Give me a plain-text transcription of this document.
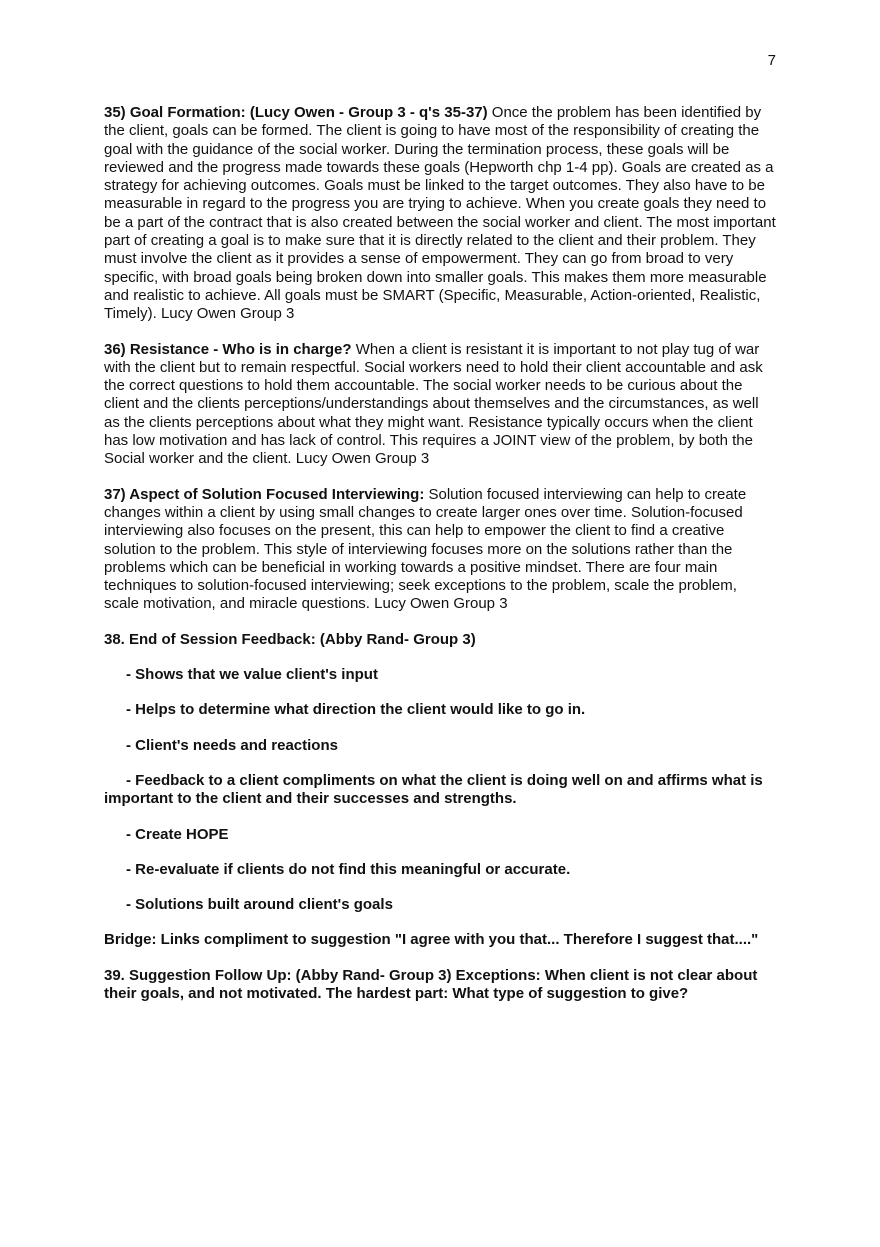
7

35) Goal Formation: (Lucy Owen - Group 3 - q's 35-37) Once the problem has been identified by the client, goals can be formed. The client is going to have most of the responsibility of creating the goal with the guidance of the social worker. During the termination process, these goals will be reviewed and the progress made towards these goals (Hepworth chp 1-4 pp). Goals are created as a strategy for achieving outcomes. Goals must be linked to the target outcomes. They also have to be measurable in regard to the progress you are trying to achieve. When you create goals they need to be a part of the contract that is also created between the social worker and client. The most important part of creating a goal is to make sure that it is directly related to the client and their problem. They must involve the client as it provides a sense of empowerment. They can go from broad to very specific, with broad goals being broken down into smaller goals. This makes them more measurable and realistic to achieve. All goals must be SMART (Specific, Measurable, Action-oriented, Realistic, Timely). Lucy Owen Group 3

36) Resistance - Who is in charge? When a client is resistant it is important to not play tug of war with the client but to remain respectful. Social workers need to hold their client accountable and ask the correct questions to hold them accountable. The social worker needs to be curious about the client and the clients perceptions/understandings about themselves and the circumstances, as well as the clients perceptions about what they might want. Resistance typically occurs when the client has low motivation and has lack of control. This requires a JOINT view of the problem, by both the Social worker and the client. Lucy Owen Group 3

37) Aspect of Solution Focused Interviewing: Solution focused interviewing can help to create changes within a client by using small changes to create larger ones over time. Solution-focused interviewing also focuses on the present, this can help to empower the client to find a creative solution to the problem. This style of interviewing focuses more on the solutions rather than the problems which can be beneficial in working towards a positive mindset. There are four main techniques to solution-focused interviewing; seek exceptions to the problem, scale the problem, scale motivation, and miracle questions. Lucy Owen Group 3

38. End of Session Feedback: (Abby Rand- Group 3)

- Shows that we value client's input

- Helps to determine what direction the client would like to go in.

- Client's needs and reactions

- Feedback to a client compliments on what the client is doing well on and affirms what is important to the client and their successes and strengths.

- Create HOPE

- Re-evaluate if clients do not find this meaningful or accurate.

- Solutions built around client's goals

Bridge: Links compliment to suggestion "I agree with you that... Therefore I suggest that...."

39. Suggestion Follow Up: (Abby Rand- Group 3) Exceptions: When client is not clear about their goals, and not motivated. The hardest part: What type of suggestion to give?
